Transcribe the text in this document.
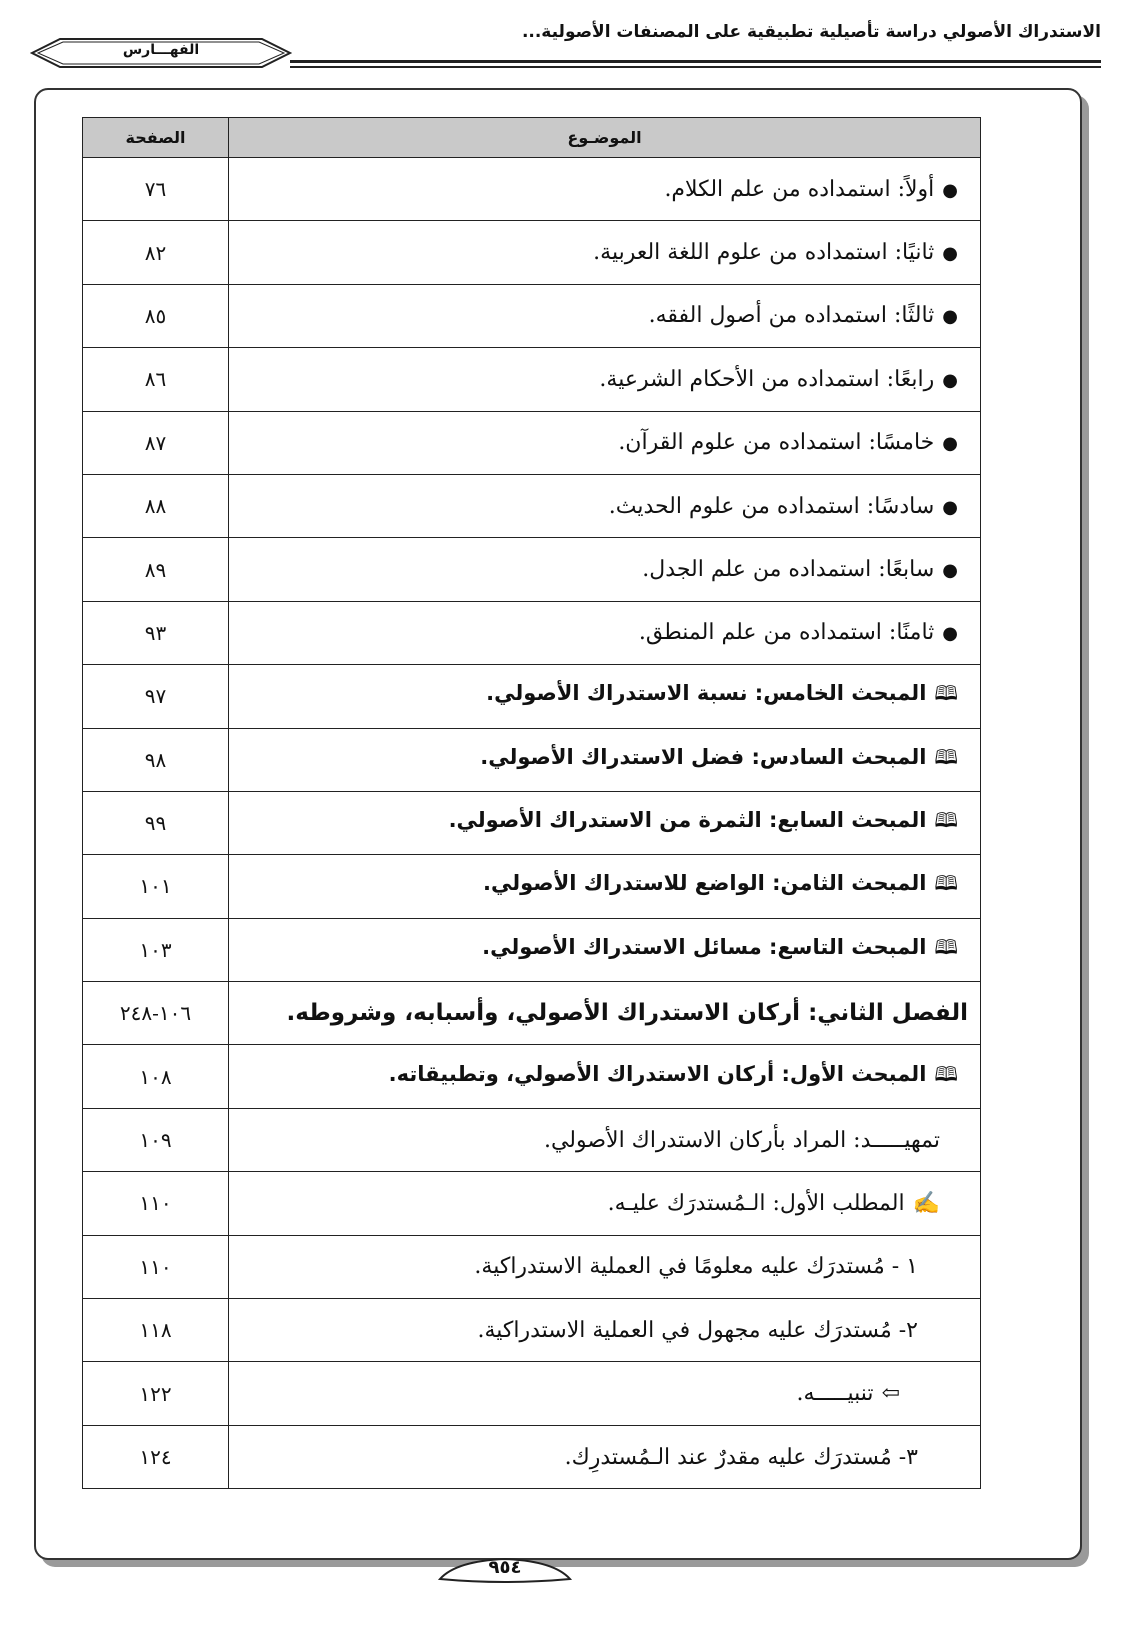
الاستدراك الأصولي دراسة تأصيلية تطبيقية على المصنفات الأصولية...
الفهـــارس
الموضـوع	الصفحة
●أولاً: استمداده من علم الكلام.	٧٦
●ثانيًا: استمداده من علوم اللغة العربية.	٨٢
●ثالثًا: استمداده من أصول الفقه.	٨٥
●رابعًا: استمداده من الأحكام الشرعية.	٨٦
●خامسًا: استمداده من علوم القرآن.	٨٧
●سادسًا: استمداده من علوم الحديث.	٨٨
●سابعًا: استمداده من علم الجدل.	٨٩
●ثامنًا: استمداده من علم المنطق.	٩٣
🕮المبحث الخامس: نسبة الاستدراك الأصولي.	٩٧
🕮المبحث السادس: فضل الاستدراك الأصولي.	٩٨
🕮المبحث السابع: الثمرة من الاستدراك الأصولي.	٩٩
🕮المبحث الثامن: الواضع للاستدراك الأصولي.	١٠١
🕮المبحث التاسع: مسائل الاستدراك الأصولي.	١٠٣
الفصل الثاني: أركان الاستدراك الأصولي، وأسبابه، وشروطه.	١٠٦-٢٤٨
🕮المبحث الأول: أركان الاستدراك الأصولي، وتطبيقاته.	١٠٨
تمهيـــــد: المراد بأركان الاستدراك الأصولي.	١٠٩
✍المطلب الأول: الـمُستدرَك عليـه.	١١٠
١ - مُستدرَك عليه معلومًا في العملية الاستدراكية.	١١٠
٢- مُستدرَك عليه مجهول في العملية الاستدراكية.	١١٨
⇦تنبيـــــه.	١٢٢
٣- مُستدرَك عليه مقدرٌ عند الـمُستدرِك.	١٢٤
٩٥٤
